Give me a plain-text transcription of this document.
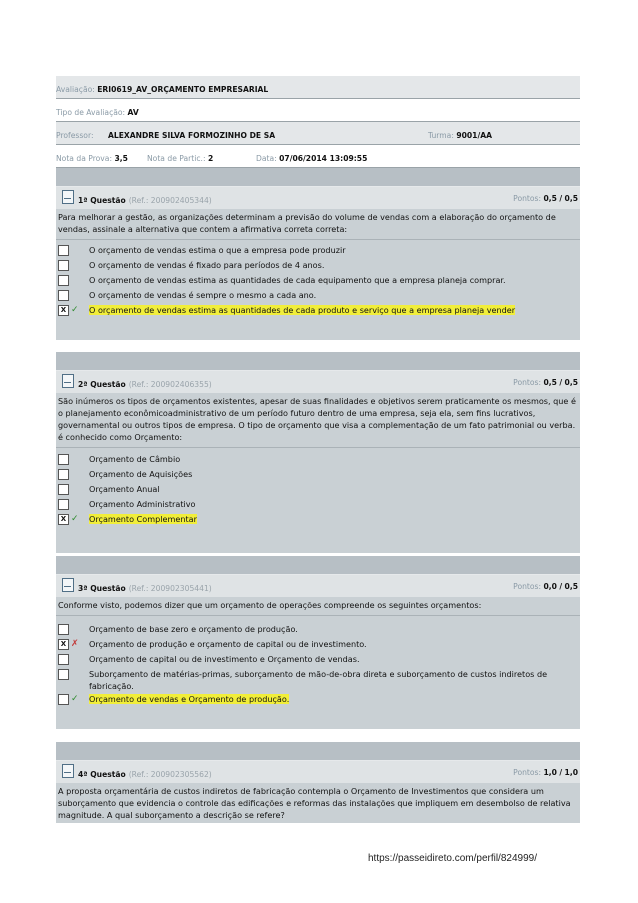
Avaliação: ERI0619_AV_ORÇAMENTO EMPRESARIAL
Tipo de Avaliação: AV
Professor: ALEXANDRE SILVA FORMOZINHO DE SA	Turma: 9001/AA
Nota da Prova: 3,5	Nota de Partic.: 2	Data: 07/06/2014 13:09:55
1ª Questão (Ref.: 200902405344)	Pontos: 0,5 / 0,5
Para melhorar a gestão, as organizações determinam a previsão do volume de vendas com a elaboração do orçamento de vendas, assinale a alternativa que contem a afirmativa correta correta:
O orçamento de vendas estima o que a empresa pode produzir
O orçamento de vendas é fixado para períodos de 4 anos.
O orçamento de vendas estima as quantidades de cada equipamento que a empresa planeja comprar.
O orçamento de vendas é sempre o mesmo a cada ano.
X ✓ O orçamento de vendas estima as quantidades de cada produto e serviço que a empresa planeja vender
2ª Questão (Ref.: 200902406355)	Pontos: 0,5 / 0,5
São inúmeros os tipos de orçamentos existentes, apesar de suas finalidades e objetivos serem praticamente os mesmos, que é o planejamento econômicoadministrativo de um período futuro dentro de uma empresa, seja ela, sem fins lucrativos, governamental ou outros tipos de empresa. O tipo de orçamento que visa a complementação de um fato patrimonial ou verba. é conhecido como Orçamento:
Orçamento de Câmbio
Orçamento de Aquisições
Orçamento Anual
Orçamento Administrativo
X ✓ Orçamento Complementar
3ª Questão (Ref.: 200902305441)	Pontos: 0,0 / 0,5
Conforme visto, podemos dizer que um orçamento de operações compreende os seguintes orçamentos:
Orçamento de base zero e orçamento de produção.
X ✗ Orçamento de produção e orçamento de capital ou de investimento.
Orçamento de capital ou de investimento e Orçamento de vendas.
Suborçamento de matérias-primas, suborçamento de mão-de-obra direta e suborçamento de custos indiretos de fabricação.
✓ Orçamento de vendas e Orçamento de produção.
4ª Questão (Ref.: 200902305562)	Pontos: 1,0 / 1,0
A proposta orçamentária de custos indiretos de fabricação contempla o Orçamento de Investimentos que considera um suborçamento que evidencia o controle das edificações e reformas das instalações que impliquem em desembolso de relativa magnitude. A qual suborçamento a descrição se refere?
https://passeidireto.com/perfil/824999/
